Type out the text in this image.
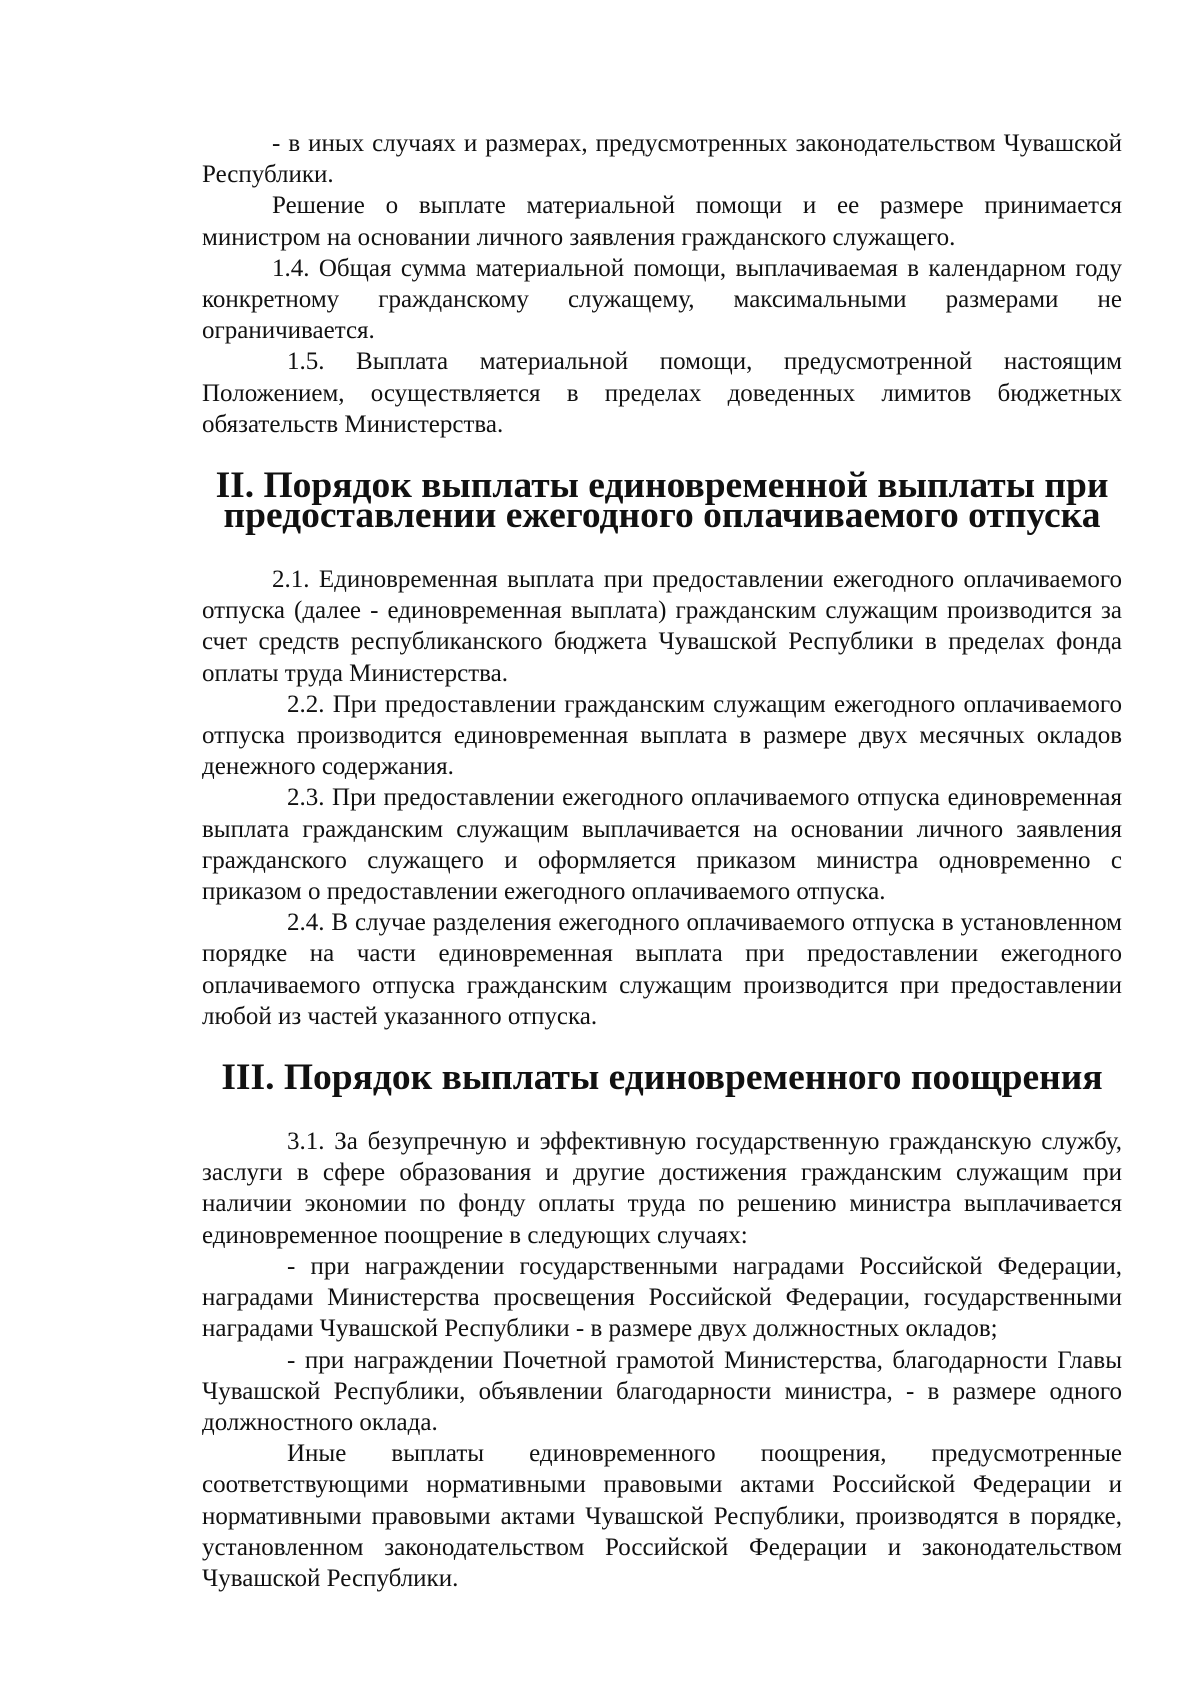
- в иных случаях и размерах, предусмотренных законодательством Чувашской Республики.

Решение о выплате материальной помощи и ее размере принимается министром на основании личного заявления гражданского служащего.

1.4. Общая сумма материальной помощи, выплачиваемая в календарном году конкретному гражданскому служащему, максимальными размерами не ограничивается.

1.5. Выплата материальной помощи, предусмотренной настоящим Положением, осуществляется в пределах доведенных лимитов бюджетных обязательств Министерства.

II. Порядок выплаты единовременной выплаты при
предоставлении ежегодного оплачиваемого отпуска

2.1. Единовременная выплата при предоставлении ежегодного оплачиваемого отпуска (далее - единовременная выплата) гражданским служащим производится за счет средств республиканского бюджета Чувашской Республики в пределах фонда оплаты труда Министерства.

2.2. При предоставлении гражданским служащим ежегодного оплачиваемого отпуска производится единовременная выплата в размере двух месячных окладов денежного содержания.

2.3. При предоставлении ежегодного оплачиваемого отпуска единовременная выплата гражданским служащим выплачивается на основании личного заявления гражданского служащего и оформляется приказом министра одновременно с приказом о предоставлении ежегодного оплачиваемого отпуска.

2.4. В случае разделения ежегодного оплачиваемого отпуска в установленном порядке на части единовременная выплата при предоставлении ежегодного оплачиваемого отпуска гражданским служащим производится при предоставлении любой из частей указанного отпуска.

III. Порядок выплаты единовременного поощрения

3.1. За безупречную и эффективную государственную гражданскую службу, заслуги в сфере образования и другие достижения гражданским служащим при наличии экономии по фонду оплаты труда по решению министра выплачивается единовременное поощрение в следующих случаях:

- при награждении государственными наградами Российской Федерации, наградами Министерства просвещения Российской Федерации, государственными наградами Чувашской Республики - в размере двух должностных окладов;

- при награждении Почетной грамотой Министерства, благодарности Главы Чувашской Республики, объявлении благодарности министра, - в размере одного должностного оклада.

Иные выплаты единовременного поощрения, предусмотренные соответствующими нормативными правовыми актами Российской Федерации и нормативными правовыми актами Чувашской Республики, производятся в порядке, установленном законодательством Российской Федерации и законодательством Чувашской Республики.
